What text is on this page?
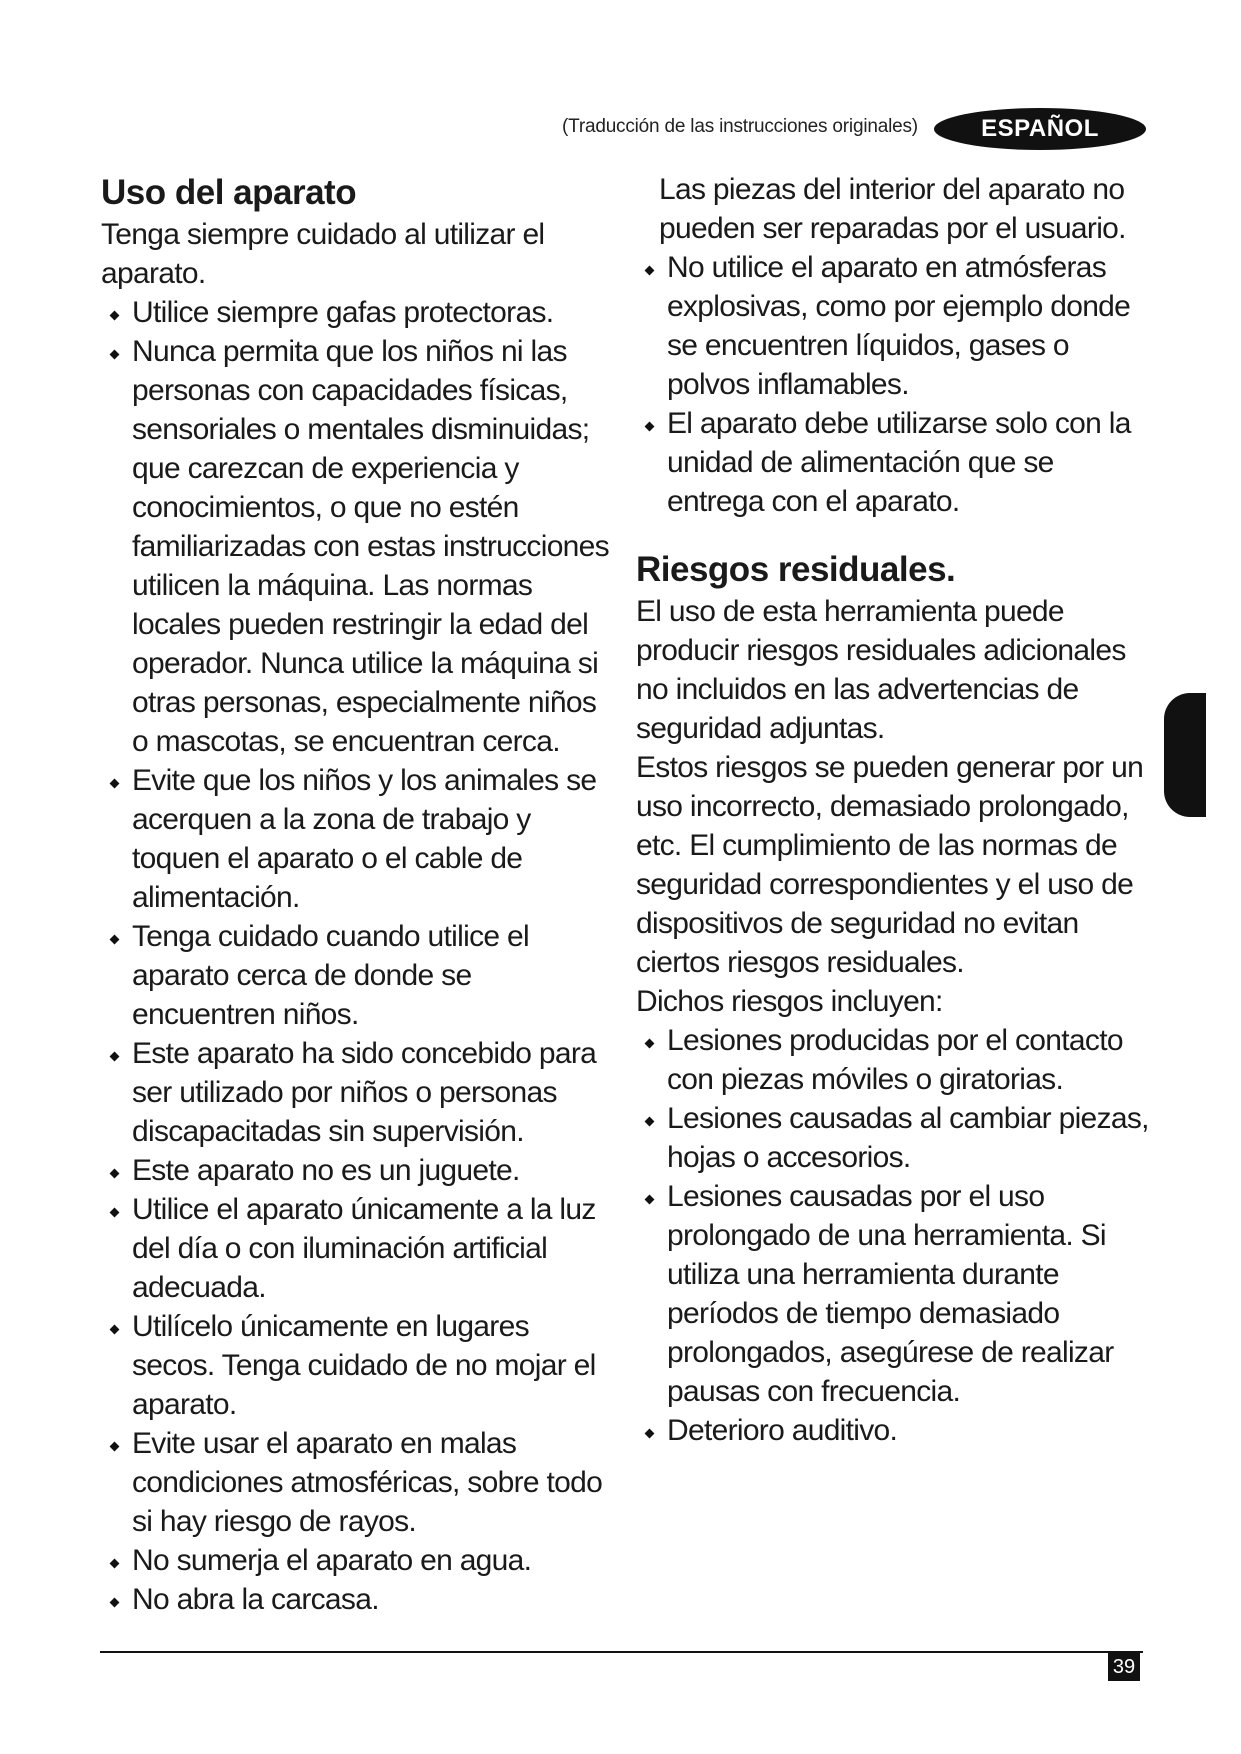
(Traducción de las instrucciones originales)	ESPAÑOL
Uso del aparato

Tenga siempre cuidado al utilizar el aparato.

Utilice siempre gafas protectoras.
Nunca permita que los niños ni las personas con capacidades físicas, sensoriales o mentales disminuidas; que carezcan de experiencia y conocimientos, o que no estén familiarizadas con estas instrucciones utilicen la máquina. Las normas locales pueden restringir la edad del operador. Nunca utilice la máquina si otras personas, especialmente niños o mascotas, se encuentran cerca.
Evite que los niños y los animales se acerquen a la zona de trabajo y toquen el aparato o el cable de alimentación.
Tenga cuidado cuando utilice el aparato cerca de donde se encuentren niños.
Este aparato ha sido concebido para ser utilizado por niños o personas discapacitadas sin supervisión.
Este aparato no es un juguete.
Utilice el aparato únicamente a la luz del día o con iluminación artificial adecuada.
Utilícelo únicamente en lugares secos. Tenga cuidado de no mojar el aparato.
Evite usar el aparato en malas condiciones atmosféricas, sobre todo si hay riesgo de rayos.
No sumerja el aparato en agua.
No abra la carcasa.

Las piezas del interior del aparato no pueden ser reparadas por el usuario.

No utilice el aparato en atmósferas explosivas, como por ejemplo donde se encuentren líquidos, gases o polvos inflamables.
El aparato debe utilizarse solo con la unidad de alimentación que se entrega con el aparato.
Riesgos residuales.

El uso de esta herramienta puede producir riesgos residuales adicionales no incluidos en las advertencias de seguridad adjuntas.

Estos riesgos se pueden generar por un uso incorrecto, demasiado prolongado, etc. El cumplimiento de las normas de seguridad correspondientes y el uso de dispositivos de seguridad no evitan ciertos riesgos residuales.

Dichos riesgos incluyen:

Lesiones producidas por el contacto con piezas móviles o giratorias.
Lesiones causadas al cambiar piezas, hojas o accesorios.
Lesiones causadas por el uso prolongado de una herramienta. Si utiliza una herramienta durante períodos de tiempo demasiado prolongados, asegúrese de realizar pausas con frecuencia.
Deterioro auditivo.
39
